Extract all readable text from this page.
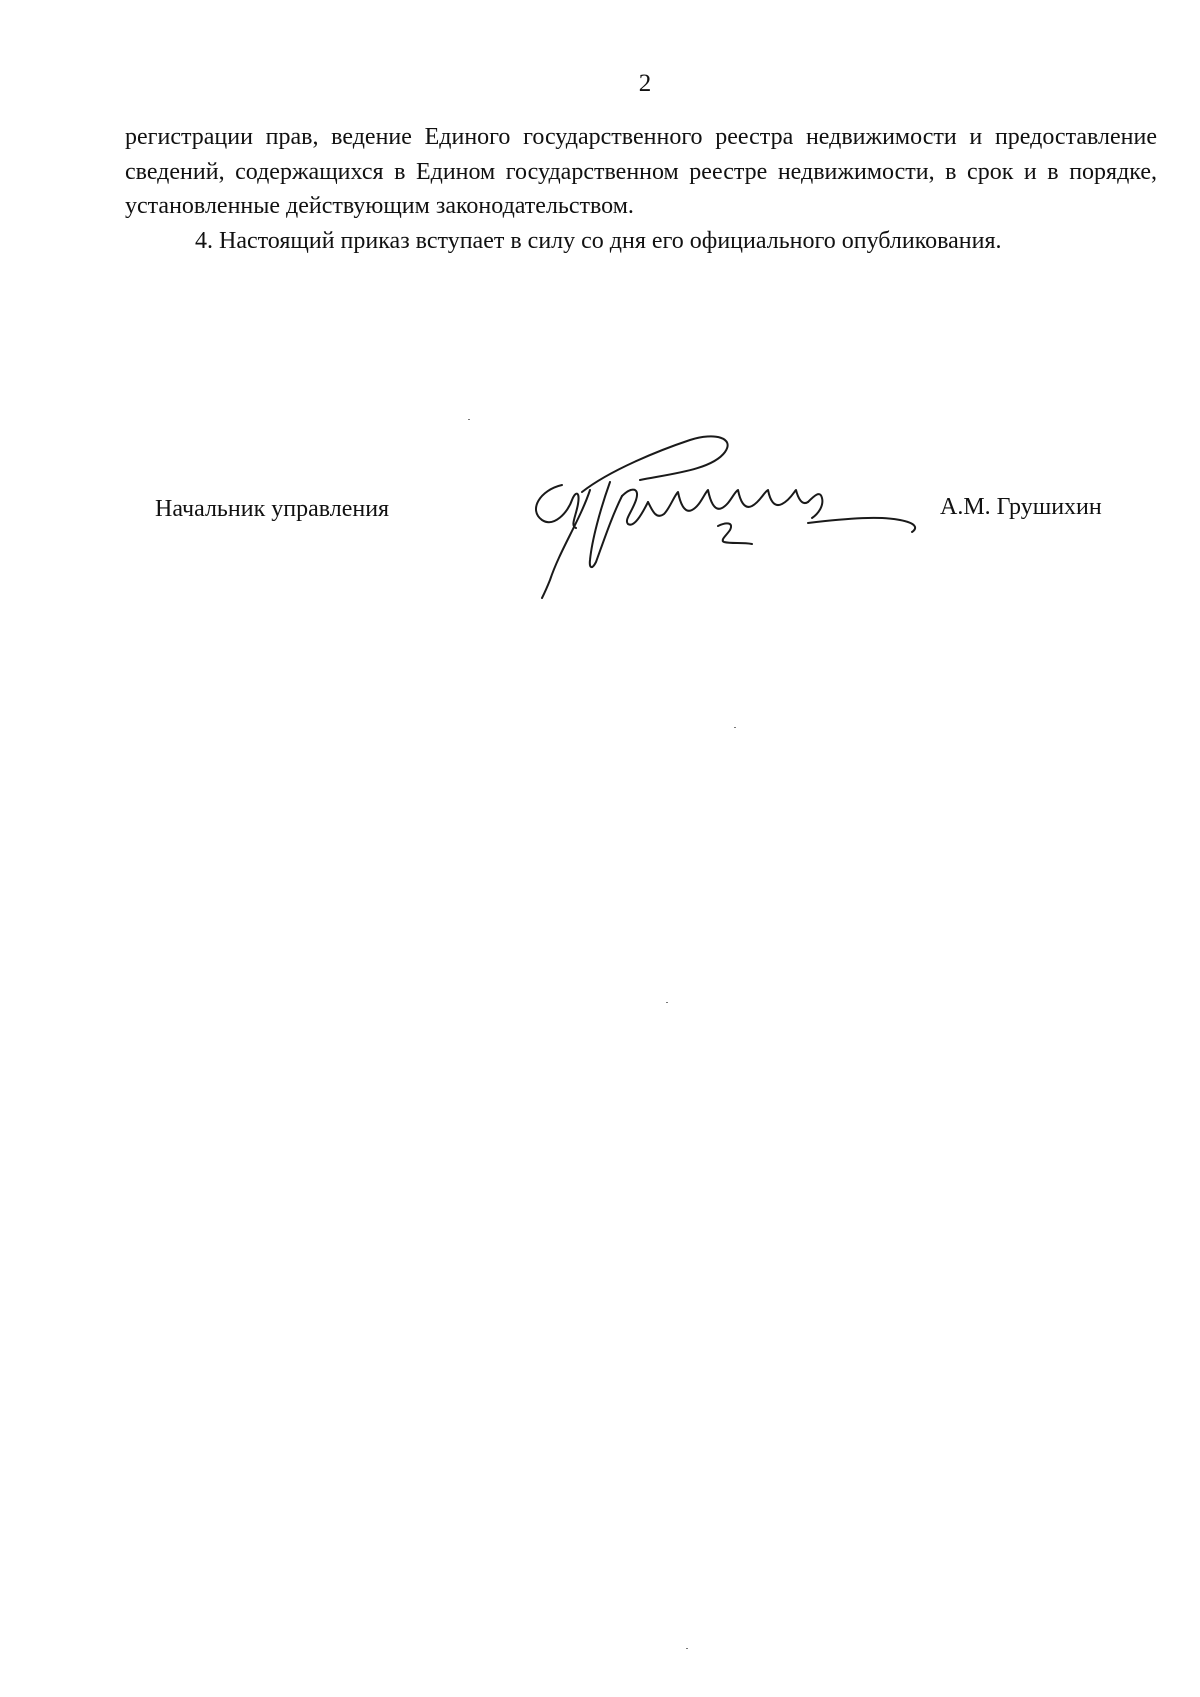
2

регистрации прав, ведение Единого государственного реестра недвижимости и предоставление сведений, содержащихся в Едином государственном реестре недвижимости, в срок и в порядке, установленные действующим законодательством.

4. Настоящий приказ вступает в силу со дня его официального опубликования.

Начальник управления	А.М. Грушихин
